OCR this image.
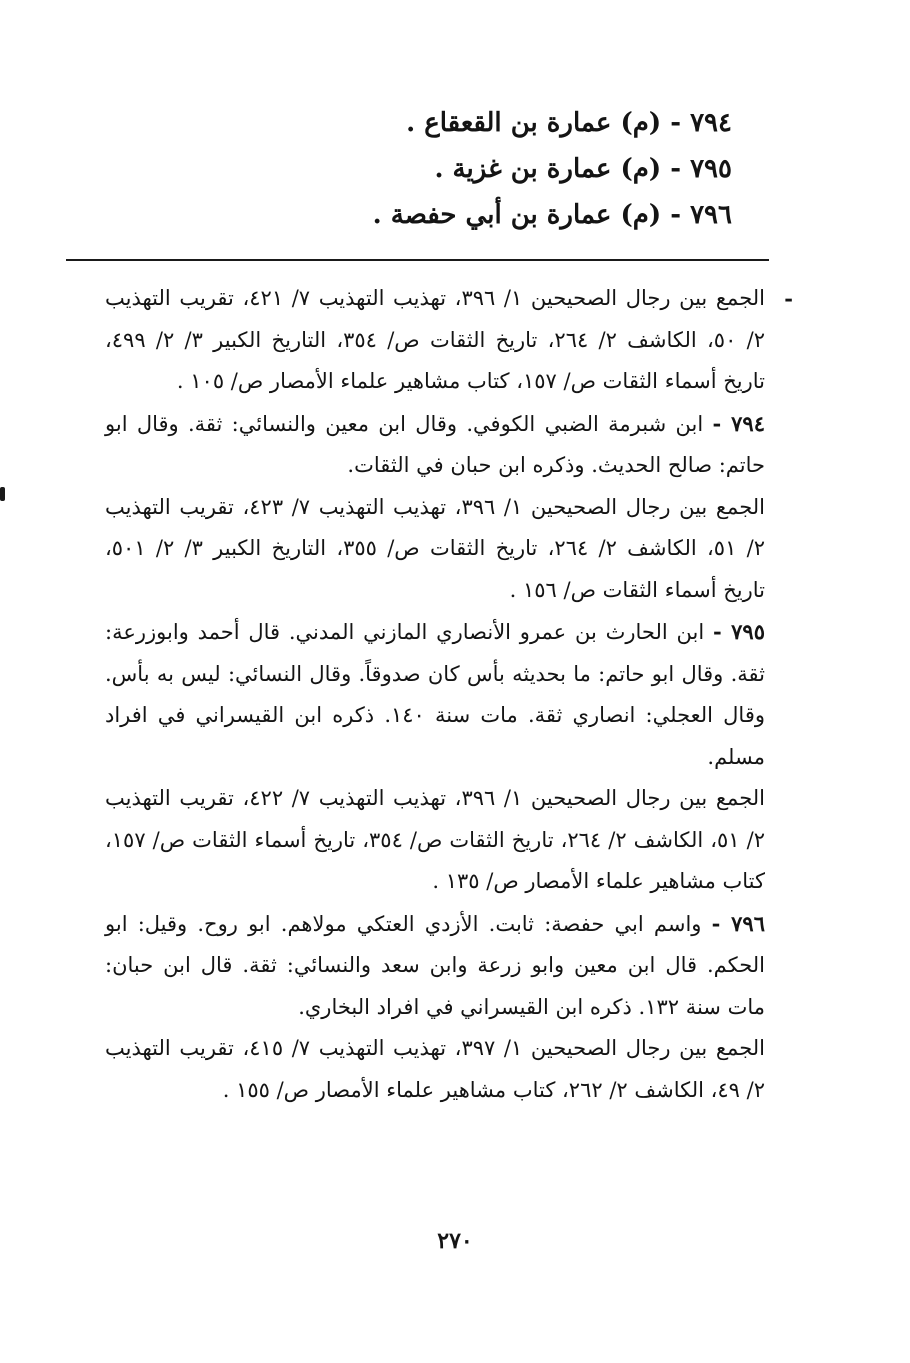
٧٩٤ - (م) عمارة بن القعقاع .
٧٩٥ - (م) عمارة بن غزية .
٧٩٦ - (م) عمارة بن أبي حفصة .
-

الجمع بين رجال الصحيحين ١/ ٣٩٦، تهذيب التهذيب ٧/ ٤٢١، تقريب التهذيب ٢/ ٥٠، الكاشف ٢/ ٢٦٤، تاريخ الثقات ص/ ٣٥٤، التاريخ الكبير ٣/ ٢/ ٤٩٩، تاريخ أسماء الثقات ص/ ١٥٧، كتاب مشاهير علماء الأمصار ص/ ١٠٥ .

٧٩٤ - ابن شبرمة الضبي الكوفي. وقال ابن معين والنسائي: ثقة. وقال ابو حاتم: صالح الحديث. وذكره ابن حبان في الثقات.

الجمع بين رجال الصحيحين ١/ ٣٩٦، تهذيب التهذيب ٧/ ٤٢٣، تقريب التهذيب ٢/ ٥١، الكاشف ٢/ ٢٦٤، تاريخ الثقات ص/ ٣٥٥، التاريخ الكبير ٣/ ٢/ ٥٠١، تاريخ أسماء الثقات ص/ ١٥٦ .

٧٩٥ - ابن الحارث بن عمرو الأنصاري المازني المدني. قال أحمد وابوزرعة: ثقة. وقال ابو حاتم: ما بحديثه بأس كان صدوقاً. وقال النسائي: ليس به بأس. وقال العجلي: انصاري ثقة. مات سنة ١٤٠. ذكره ابن القيسراني في افراد مسلم.

الجمع بين رجال الصحيحين ١/ ٣٩٦، تهذيب التهذيب ٧/ ٤٢٢، تقريب التهذيب ٢/ ٥١، الكاشف ٢/ ٢٦٤، تاريخ الثقات ص/ ٣٥٤، تاريخ أسماء الثقات ص/ ١٥٧، كتاب مشاهير علماء الأمصار ص/ ١٣٥ .

٧٩٦ - واسم ابي حفصة: ثابت. الأزدي العتكي مولاهم. ابو روح. وقيل: ابو الحكم. قال ابن معين وابو زرعة وابن سعد والنسائي: ثقة. قال ابن حبان: مات سنة ١٣٢. ذكره ابن القيسراني في افراد البخاري.

الجمع بين رجال الصحيحين ١/ ٣٩٧، تهذيب التهذيب ٧/ ٤١٥، تقريب التهذيب ٢/ ٤٩، الكاشف ٢/ ٢٦٢، كتاب مشاهير علماء الأمصار ص/ ١٥٥ .

٢٧٠
